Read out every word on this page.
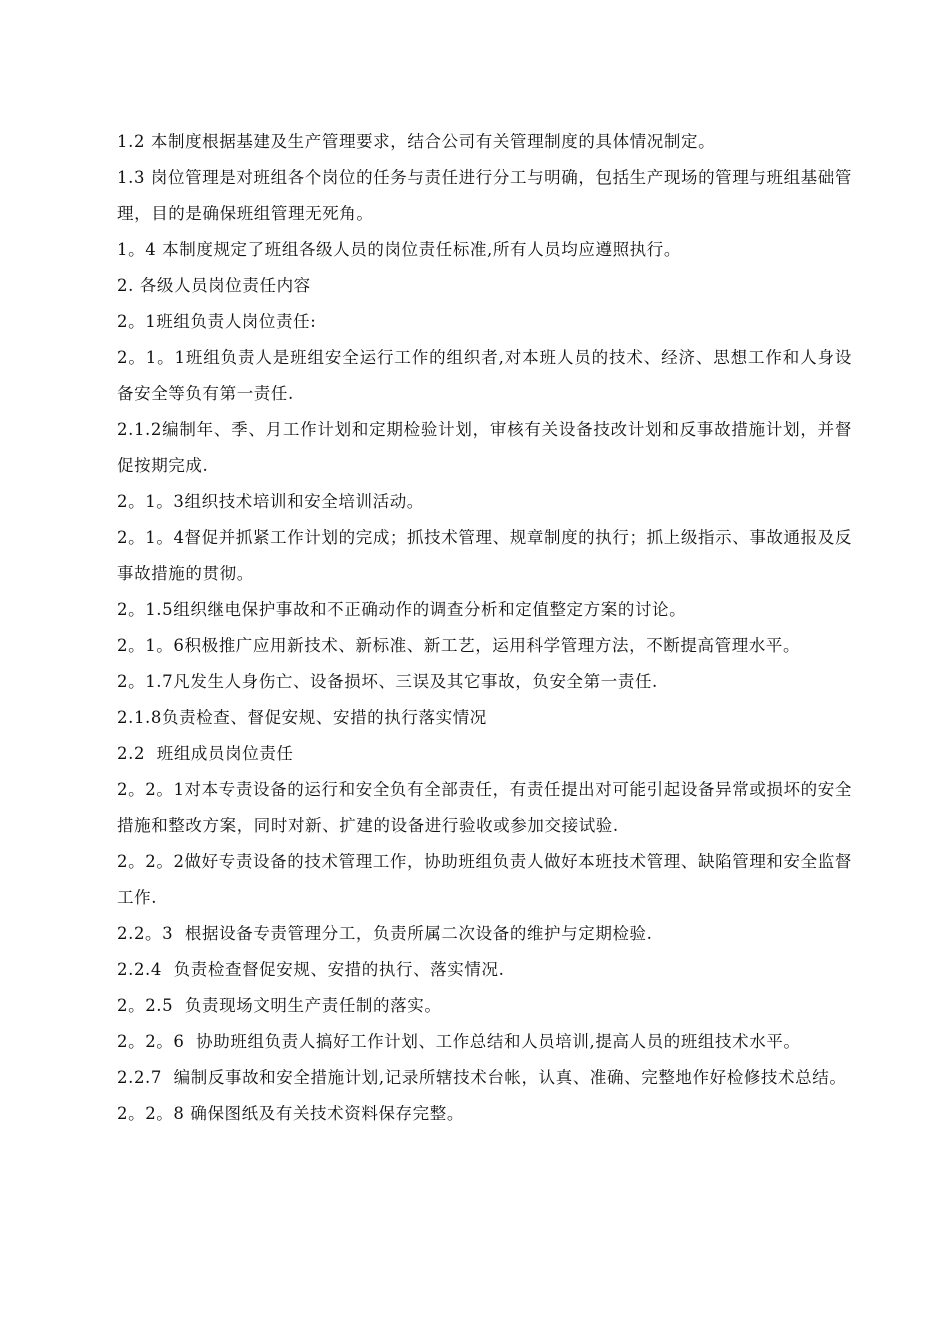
1.2 本制度根据基建及生产管理要求，结合公司有关管理制度的具体情况制定。

1.3 岗位管理是对班组各个岗位的任务与责任进行分工与明确，包括生产现场的管理与班组基础管理，目的是确保班组管理无死角。

1。4 本制度规定了班组各级人员的岗位责任标准,所有人员均应遵照执行。

2. 各级人员岗位责任内容

2。1班组负责人岗位责任:

2。1。1班组负责人是班组安全运行工作的组织者,对本班人员的技术、经济、思想工作和人身设备安全等负有第一责任.

2.1.2编制年、季、月工作计划和定期检验计划，审核有关设备技改计划和反事故措施计划，并督促按期完成.

2。1。3组织技术培训和安全培训活动。

2。1。4督促并抓紧工作计划的完成；抓技术管理、规章制度的执行；抓上级指示、事故通报及反事故措施的贯彻。

2。1.5组织继电保护事故和不正确动作的调查分析和定值整定方案的讨论。

2。1。6积极推广应用新技术、新标准、新工艺，运用科学管理方法，不断提高管理水平。

2。1.7凡发生人身伤亡、设备损坏、三误及其它事故，负安全第一责任.

2.1.8负责检查、督促安规、安措的执行落实情况

2.2  班组成员岗位责任

2。2。1对本专责设备的运行和安全负有全部责任，有责任提出对可能引起设备异常或损坏的安全措施和整改方案，同时对新、扩建的设备进行验收或参加交接试验.

2。2。2做好专责设备的技术管理工作，协助班组负责人做好本班技术管理、缺陷管理和安全监督工作.

2.2。3  根据设备专责管理分工，负责所属二次设备的维护与定期检验.

2.2.4  负责检查督促安规、安措的执行、落实情况.

2。2.5  负责现场文明生产责任制的落实。

2。2。6  协助班组负责人搞好工作计划、工作总结和人员培训,提高人员的班组技术水平。

2.2.7  编制反事故和安全措施计划,记录所辖技术台帐，认真、准确、完整地作好检修技术总结。

2。2。8 确保图纸及有关技术资料保存完整。
